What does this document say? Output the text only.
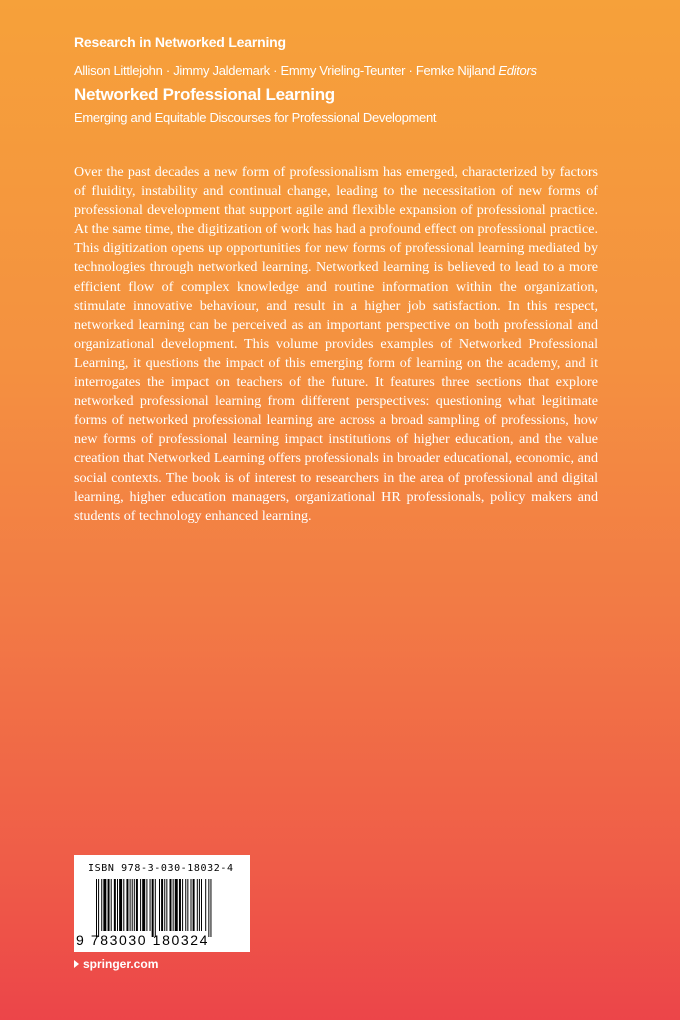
Research in Networked Learning
Allison Littlejohn · Jimmy Jaldemark · Emmy Vrieling-Teunter · Femke Nijland Editors
Networked Professional Learning
Emerging and Equitable Discourses for Professional Development

Over the past decades a new form of professionalism has emerged, characterized by factors of fluidity, instability and continual change, leading to the necessitation of new forms of professional development that support agile and flexible expansion of professional practice. At the same time, the digitization of work has had a profound effect on professional practice. This digitization opens up opportunities for new forms of professional learning mediated by technologies through networked learning. Networked learning is believed to lead to a more efficient flow of complex knowledge and routine information within the organization, stimulate innovative behaviour, and result in a higher job satisfaction. In this respect, networked learning can be perceived as an important perspective on both professional and organizational development. This volume provides examples of Networked Professional Learning, it questions the impact of this emerging form of learning on the academy, and it interrogates the impact on teachers of the future. It features three sections that explore networked professional learning from different perspectives: questioning what legitimate forms of networked professional learning are across a broad sampling of professions, how new forms of professional learning impact institutions of higher education, and the value creation that Networked Learning offers professionals in broader educational, economic, and social contexts. The book is of interest to researchers in the area of professional and digital learning, higher education managers, organizational HR professionals, policy makers and students of technology enhanced learning.

ISBN 978-3-030-18032-4
9 783030 180324
springer.com
